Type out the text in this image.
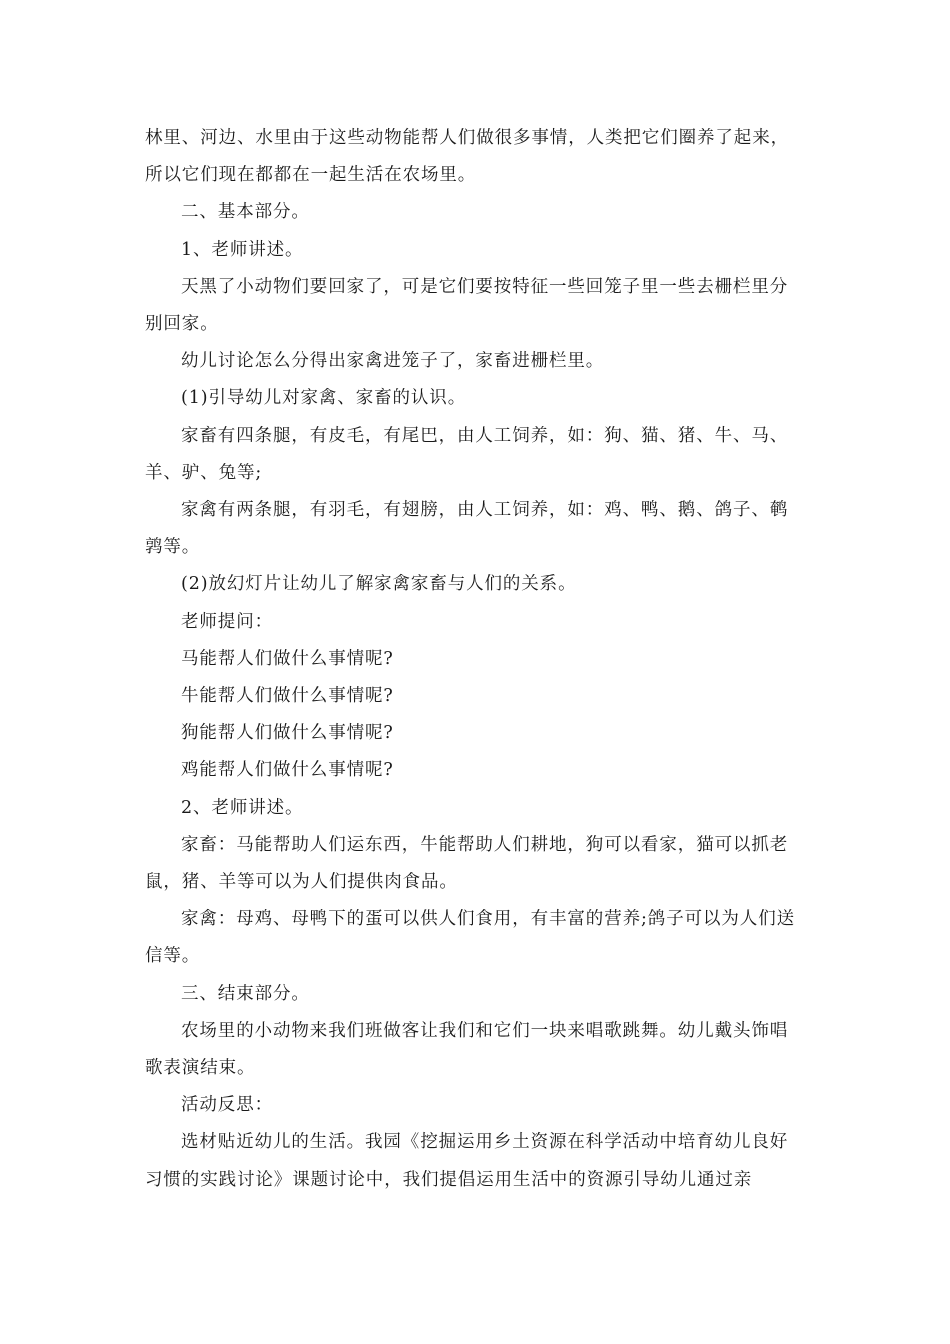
林里、河边、水里由于这些动物能帮人们做很多事情，人类把它们圈养了起来，所以它们现在都都在一起生活在农场里。

二、基本部分。

1、老师讲述。

天黑了小动物们要回家了，可是它们要按特征一些回笼子里一些去栅栏里分别回家。

幼儿讨论怎么分得出家禽进笼子了，家畜进栅栏里。

(1)引导幼儿对家禽、家畜的认识。

家畜有四条腿，有皮毛，有尾巴，由人工饲养，如：狗、猫、猪、牛、马、羊、驴、兔等;

家禽有两条腿，有羽毛，有翅膀，由人工饲养，如：鸡、鸭、鹅、鸽子、鹌鹑等。

(2)放幻灯片让幼儿了解家禽家畜与人们的关系。

老师提问：

马能帮人们做什么事情呢?

牛能帮人们做什么事情呢?

狗能帮人们做什么事情呢?

鸡能帮人们做什么事情呢?

2、老师讲述。

家畜：马能帮助人们运东西，牛能帮助人们耕地，狗可以看家，猫可以抓老鼠，猪、羊等可以为人们提供肉食品。

家禽：母鸡、母鸭下的蛋可以供人们食用，有丰富的营养;鸽子可以为人们送信等。

三、结束部分。

农场里的小动物来我们班做客让我们和它们一块来唱歌跳舞。幼儿戴头饰唱歌表演结束。

活动反思：

选材贴近幼儿的生活。我园《挖掘运用乡土资源在科学活动中培育幼儿良好习惯的实践讨论》课题讨论中，我们提倡运用生活中的资源引导幼儿通过亲
